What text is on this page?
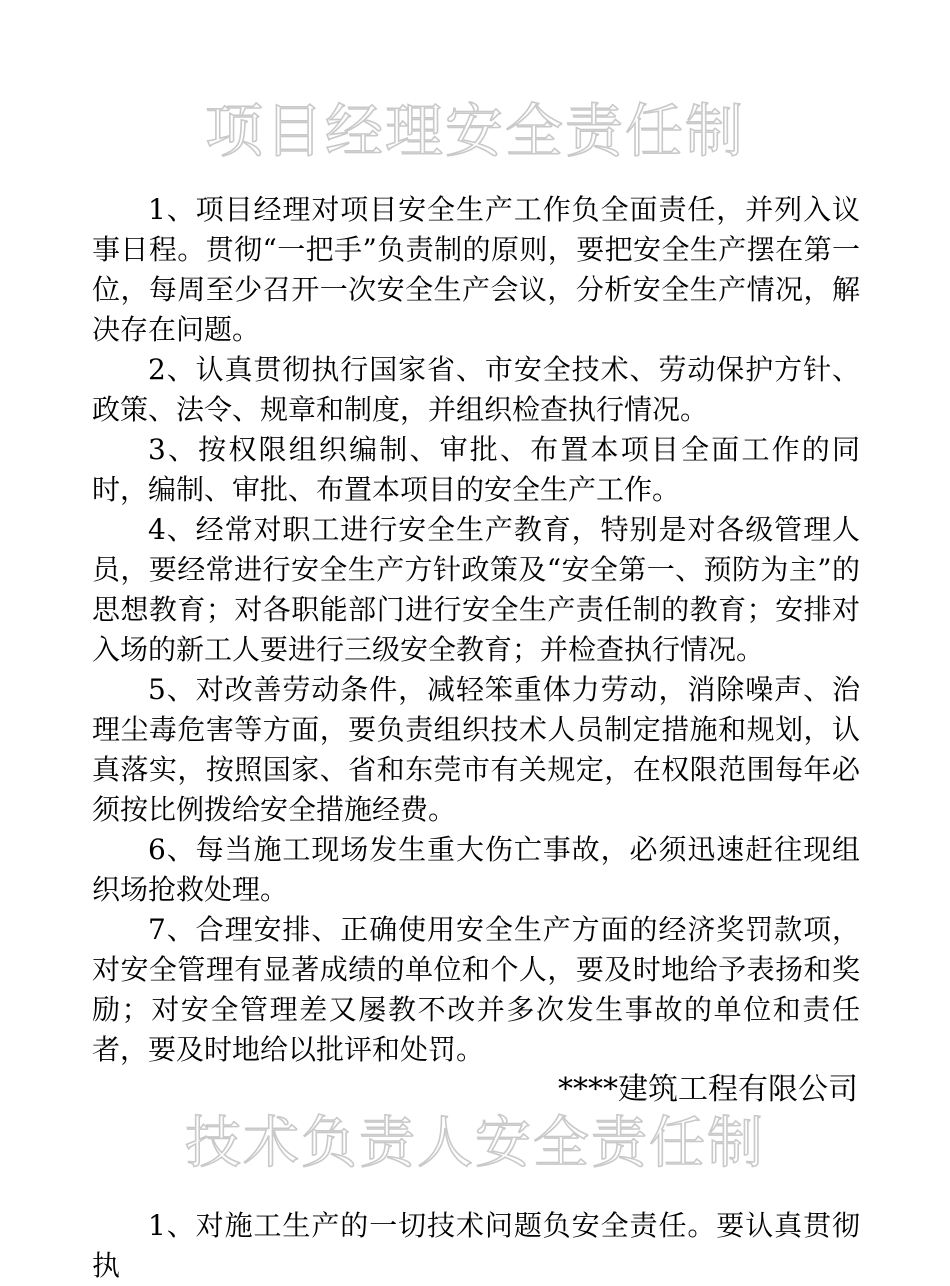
项目经理安全责任制

1、项目经理对项目安全生产工作负全面责任，并列入议事日程。贯彻“一把手”负责制的原则，要把安全生产摆在第一位，每周至少召开一次安全生产会议，分析安全生产情况，解决存在问题。

2、认真贯彻执行国家省、市安全技术、劳动保护方针、政策、法令、规章和制度，并组织检查执行情况。

3、按权限组织编制、审批、布置本项目全面工作的同时，编制、审批、布置本项目的安全生产工作。

4、经常对职工进行安全生产教育，特别是对各级管理人员，要经常进行安全生产方针政策及“安全第一、预防为主”的思想教育；对各职能部门进行安全生产责任制的教育；安排对入场的新工人要进行三级安全教育；并检查执行情况。

5、对改善劳动条件，减轻笨重体力劳动，消除噪声、治理尘毒危害等方面，要负责组织技术人员制定措施和规划，认真落实，按照国家、省和东莞市有关规定，在权限范围每年必须按比例拨给安全措施经费。

6、每当施工现场发生重大伤亡事故，必须迅速赶往现组织场抢救处理。

7、合理安排、正确使用安全生产方面的经济奖罚款项，对安全管理有显著成绩的单位和个人，要及时地给予表扬和奖励；对安全管理差又屡教不改并多次发生事故的单位和责任者，要及时地给以批评和处罚。

****建筑工程有限公司

技术负责人安全责任制

1、对施工生产的一切技术问题负安全责任。要认真贯彻执
